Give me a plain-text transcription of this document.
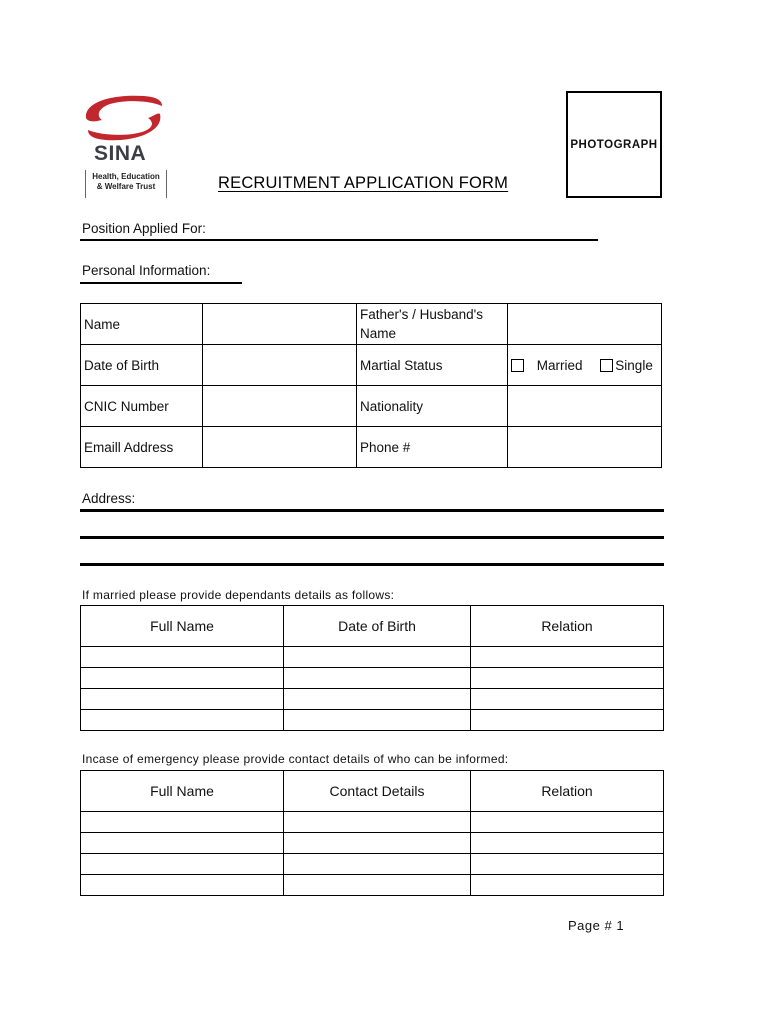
SINA
Health, Education
& Welfare Trust	RECRUITMENT APPLICATION FORM
PHOTOGRAPH
Position Applied For:
Personal Information:
Name		Father's / Husband's Name	
Date of Birth		Martial Status	Married Single
CNIC Number		Nationality	
Emaill Address		Phone #	
Address:
If married please provide dependants details as follows:
Full Name	Date of Birth	Relation

Incase of emergency please provide contact details of who can be informed:
Full Name	Contact Details	Relation

Page # 1
